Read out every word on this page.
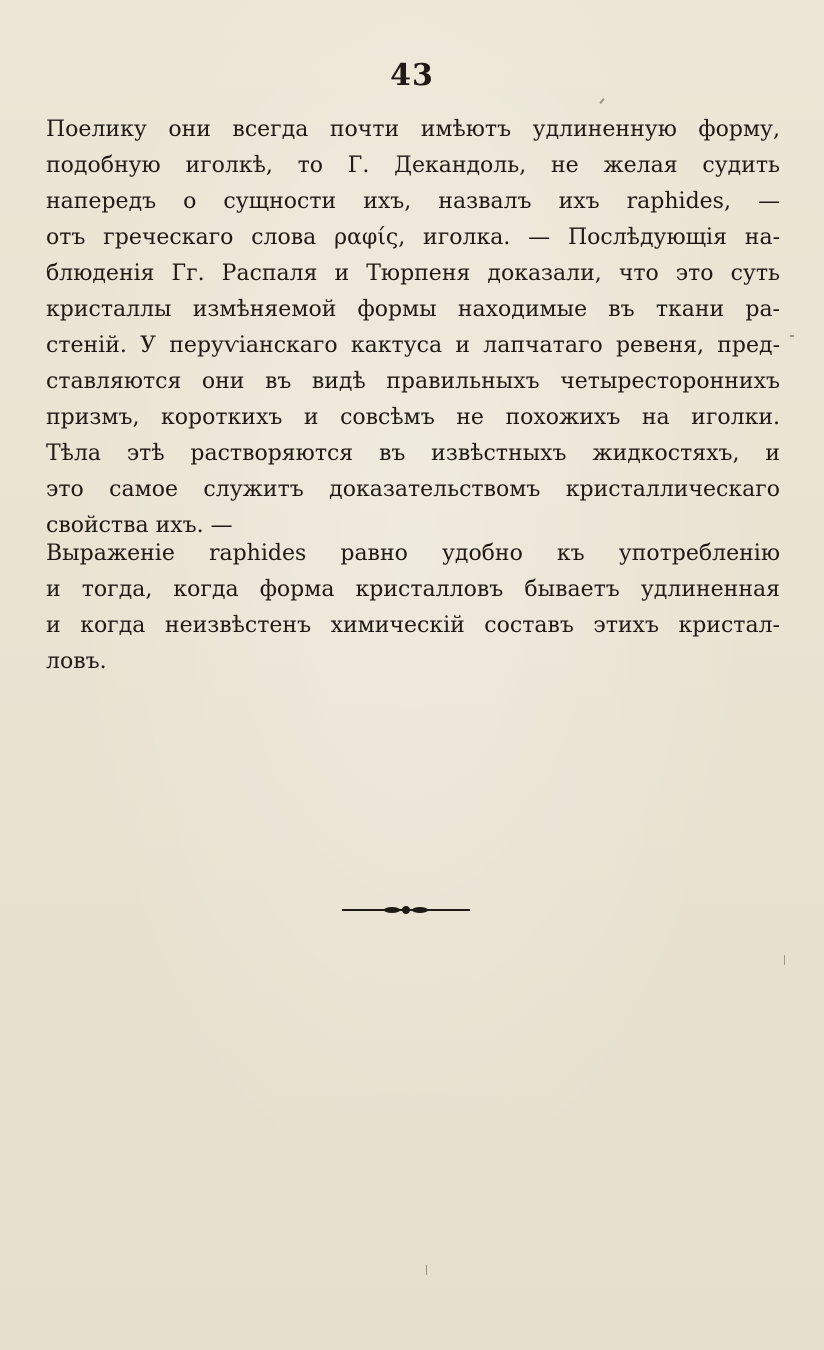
43
Поелику они всегда почти имѣютъ удлиненную форму,
подобную иголкѣ, то Г. Декандоль, не желая судить
напередъ о сущности ихъ, назвалъ ихъ raphides, —
отъ греческаго слова ραφίς, иголка. — Послѣдующія на-
блюденія Гг. Распаля и Тюрпеня доказали, что это суть
кристаллы измѣняемой формы находимые въ ткани ра-
стеній. У перуѵіанскаго кактуса и лапчатаго ревеня, пред-
ставляются они въ видѣ правильныхъ четырестороннихъ
призмъ, короткихъ и совсѣмъ не похожихъ на иголки.
Тѣла этѣ растворяются въ извѣстныхъ жидкостяхъ, и
это самое служитъ доказательствомъ кристаллическаго
свойства ихъ. —
Выраженіе raphides равно удобно къ употребленію
и тогда, когда форма кристалловъ бываетъ удлиненная
и когда неизвѣстенъ химическій составъ этихъ кристал-
ловъ.
